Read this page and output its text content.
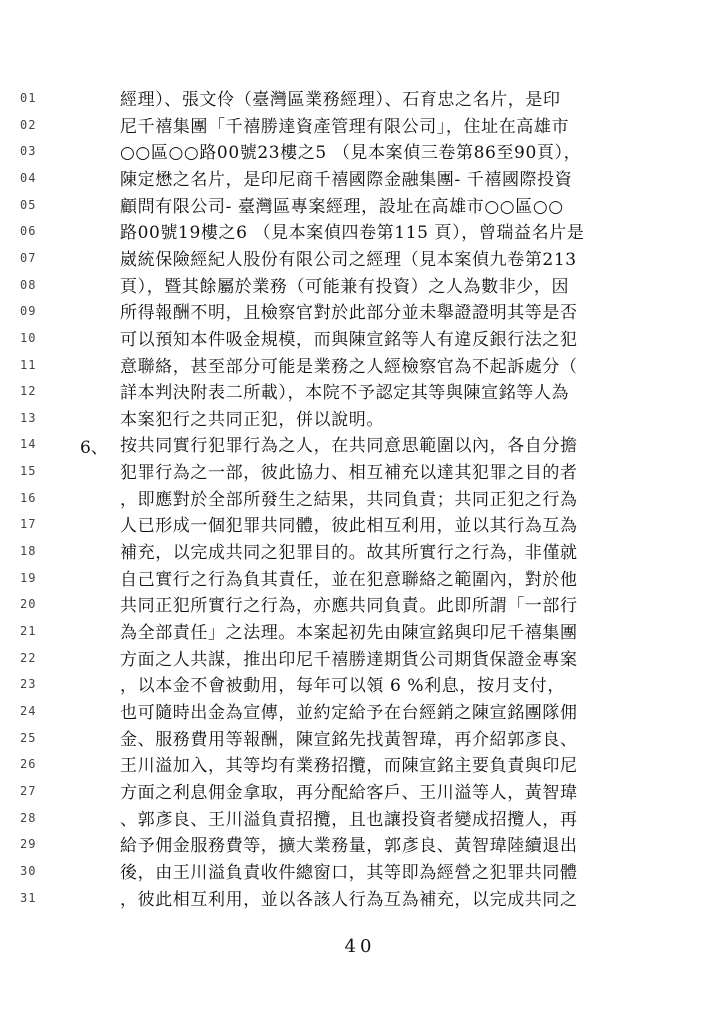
01	經理）、張文伶（臺灣區業務經理）、石育忠之名片，是印
02	尼千禧集團「千禧勝達資產管理有限公司」，住址在高雄市
03	○○區○○路00號23樓之5 （見本案偵三卷第86至90頁），
04	陳定懋之名片，是印尼商千禧國際金融集團- 千禧國際投資
05	顧問有限公司- 臺灣區專案經理，設址在高雄市○○區○○
06	路00號19樓之6 （見本案偵四卷第115 頁），曾瑞益名片是
07	崴統保險經紀人股份有限公司之經理（見本案偵九卷第213
08	頁），暨其餘屬於業務（可能兼有投資）之人為數非少，因
09	所得報酬不明，且檢察官對於此部分並未舉證證明其等是否
10	可以預知本件吸金規模，而與陳宣銘等人有違反銀行法之犯
11	意聯絡，甚至部分可能是業務之人經檢察官為不起訴處分（
12	詳本判決附表二所載），本院不予認定其等與陳宣銘等人為
13	本案犯行之共同正犯，併以說明。
14	6、 按共同實行犯罪行為之人，在共同意思範圍以內，各自分擔
15	犯罪行為之一部，彼此協力、相互補充以達其犯罪之目的者
16	，即應對於全部所發生之結果，共同負責；共同正犯之行為
17	人已形成一個犯罪共同體，彼此相互利用，並以其行為互為
18	補充，以完成共同之犯罪目的。故其所實行之行為，非僅就
19	自己實行之行為負其責任，並在犯意聯絡之範圍內，對於他
20	共同正犯所實行之行為，亦應共同負責。此即所謂「一部行
21	為全部責任」之法理。本案起初先由陳宣銘與印尼千禧集團
22	方面之人共謀，推出印尼千禧勝達期貨公司期貨保證金專案
23	，以本金不會被動用，每年可以領 6 %利息，按月支付，
24	也可隨時出金為宣傳，並約定給予在台經銷之陳宣銘團隊佣
25	金、服務費用等報酬，陳宣銘先找黃智瑋，再介紹郭彥良、
26	王川溢加入，其等均有業務招攬，而陳宣銘主要負責與印尼
27	方面之利息佣金拿取，再分配給客戶、王川溢等人，黃智瑋
28	、郭彥良、王川溢負責招攬，且也讓投資者變成招攬人，再
29	給予佣金服務費等，擴大業務量，郭彥良、黃智瑋陸續退出
30	後，由王川溢負責收件總窗口，其等即為經營之犯罪共同體
31	，彼此相互利用，並以各該人行為互為補充，以完成共同之
40
